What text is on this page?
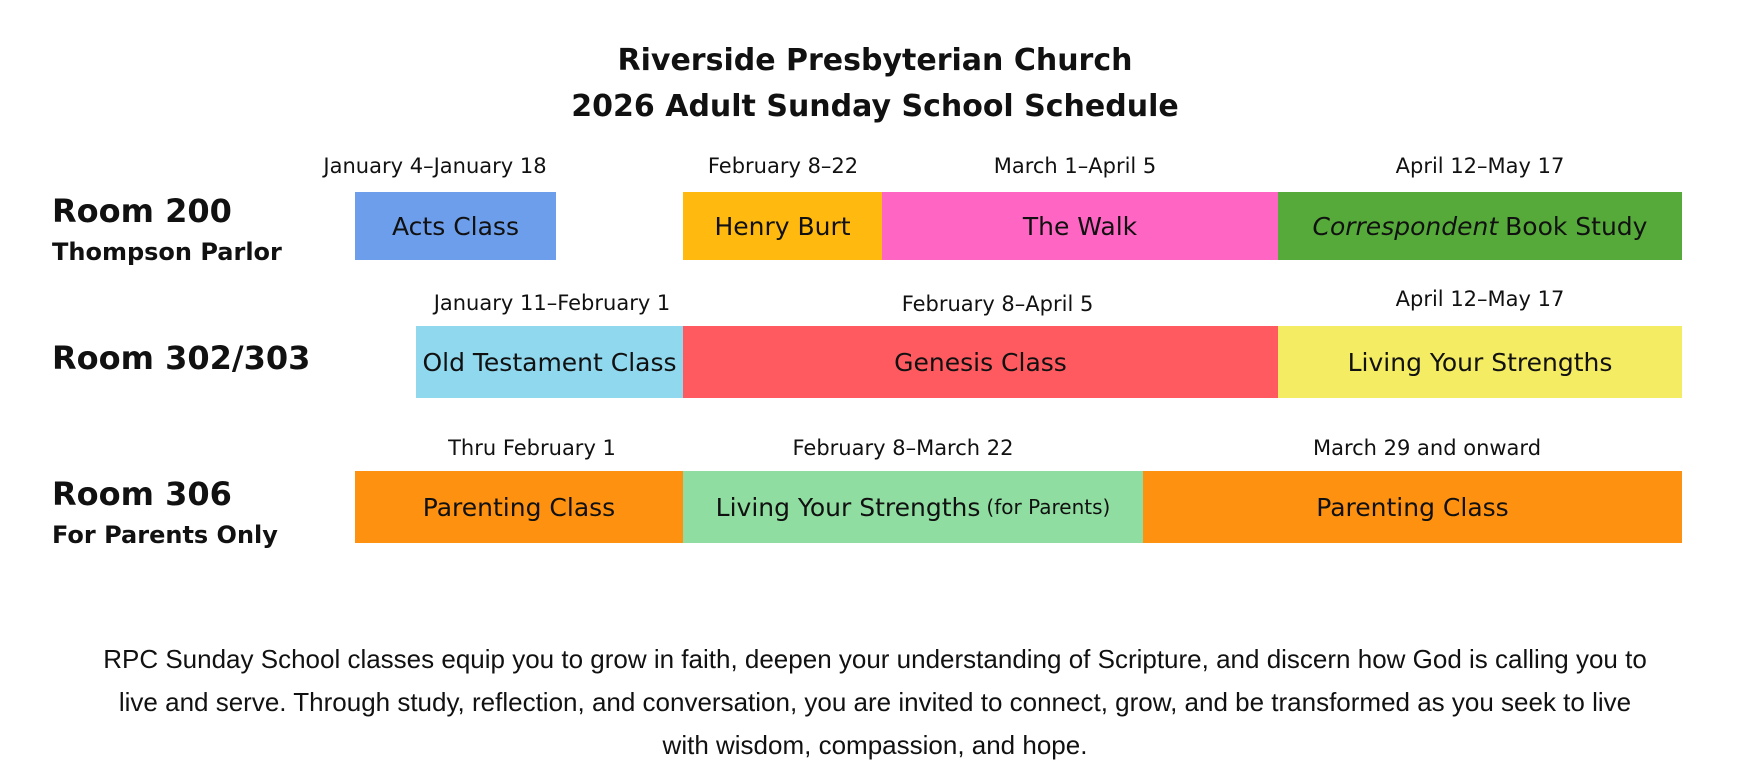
Riverside Presbyterian Church
2026 Adult Sunday School Schedule
Room 200
Thompson Parlor
January 4–January 18	February 8–22	March 1–April 5	April 12–May 17
Acts Class	Henry Burt	The Walk	Correspondent Book Study
Room 302/303
January 11–February 1	February 8–April 5	April 12–May 17
Old Testament Class	Genesis Class	Living Your Strengths
Room 306
For Parents Only
Thru February 1	February 8–March 22	March 29 and onward
Parenting Class	Living Your Strengths (for Parents)	Parenting Class
RPC Sunday School classes equip you to grow in faith, deepen your understanding of Scripture, and discern how God is calling you to live and serve. Through study, reflection, and conversation, you are invited to connect, grow, and be transformed as you seek to live with wisdom, compassion, and hope.
